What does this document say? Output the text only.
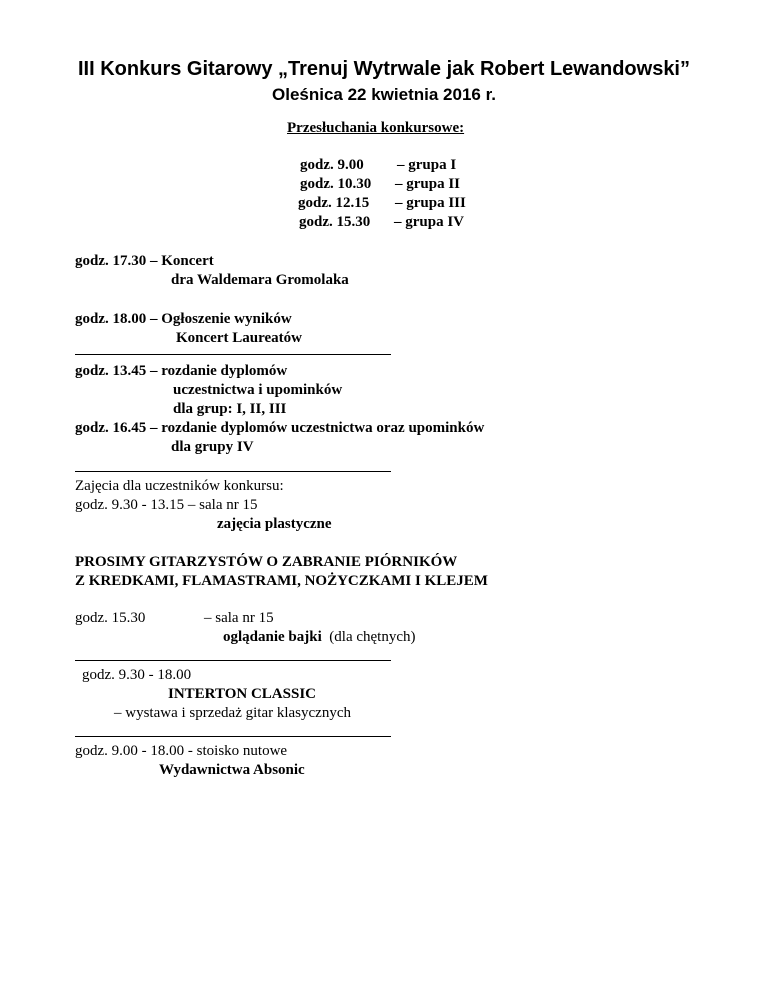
III Konkurs Gitarowy „Trenuj Wytrwale jak Robert Lewandowski”
Oleśnica 22 kwietnia 2016 r.
Przesłuchania konkursowe:
godz. 9.00 – grupa I
godz. 10.30 – grupa II
godz. 12.15 – grupa III
godz. 15.30 – grupa IV
godz. 17.30 – Koncert
dra Waldemara Gromolaka
godz. 18.00 – Ogłoszenie wyników
Koncert Laureatów
godz. 13.45 – rozdanie dyplomów
uczestnictwa i upominków
dla grup: I, II, III
godz. 16.45 – rozdanie dyplomów uczestnictwa oraz upominków
dla grupy IV
Zajęcia dla uczestników konkursu:
godz. 9.30 - 13.15 – sala nr 15
zajęcia plastyczne
PROSIMY GITARZYSTÓW O ZABRANIE PIÓRNIKÓW
Z KREDKAMI, FLAMASTRAMI, NOŻYCZKAMI I KLEJEM
godz. 15.30	– sala nr 15
oglądanie bajki (dla chętnych)
godz. 9.30 - 18.00
INTERTON CLASSIC
– wystawa i sprzedaż gitar klasycznych
godz. 9.00 - 18.00 - stoisko nutowe
Wydawnictwa Absonic
